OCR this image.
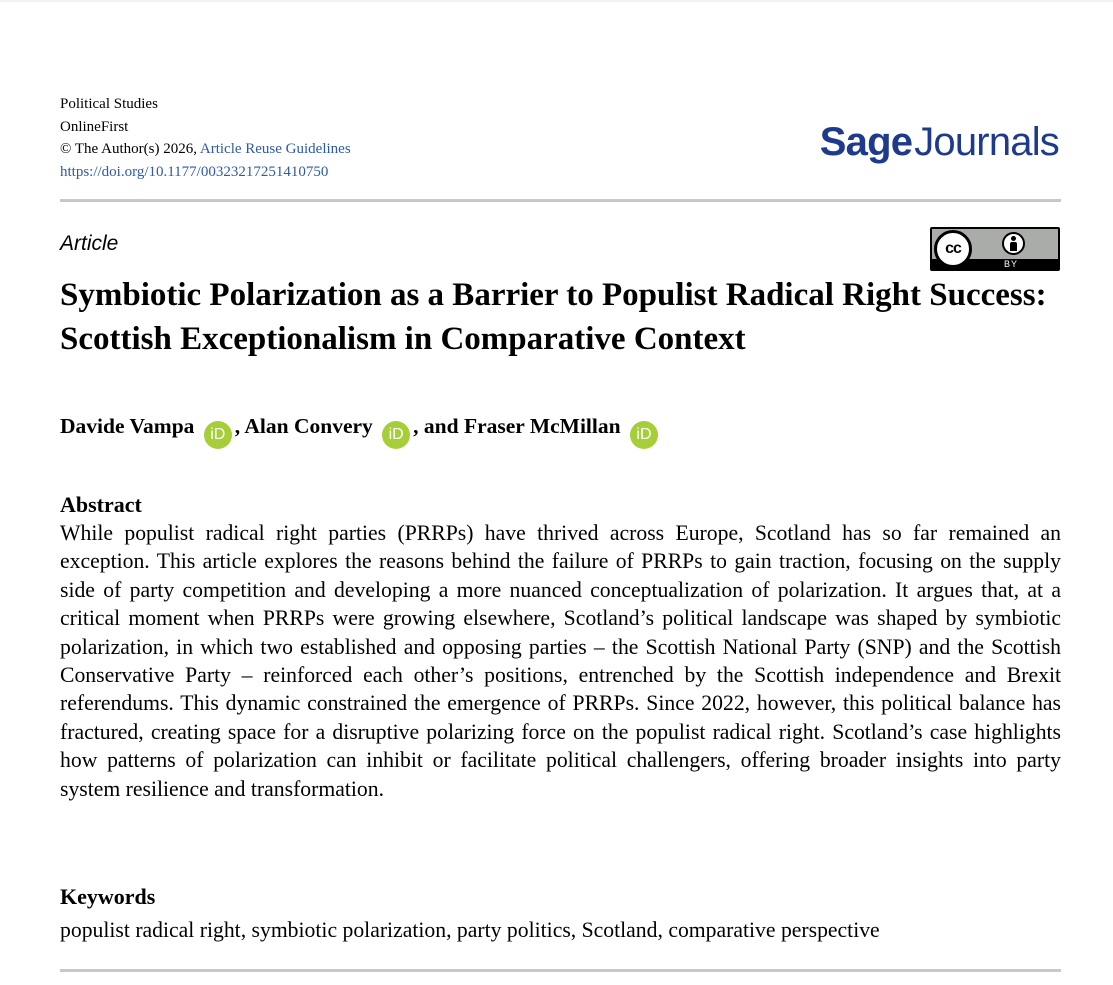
Political Studies
OnlineFirst
© The Author(s) 2026, Article Reuse Guidelines
https://doi.org/10.1177/00323217251410750
SageJournals
Article	cc
BY
Symbiotic Polarization as a Barrier to Populist Radical Right Success: Scottish Exceptionalism in Comparative Context
Davide Vampa iD , Alan Convery iD , and Fraser McMillan iD
Abstract

While populist radical right parties (PRRPs) have thrived across Europe, Scotland has so far remained an exception. This article explores the reasons behind the failure of PRRPs to gain traction, focusing on the supply side of party competition and developing a more nuanced conceptualization of polarization. It argues that, at a critical moment when PRRPs were growing elsewhere, Scotland’s political landscape was shaped by symbiotic polarization, in which two established and opposing parties – the Scottish National Party (SNP) and the Scottish Conservative Party – reinforced each other’s positions, entrenched by the Scottish independence and Brexit referendums. This dynamic constrained the emergence of PRRPs. Since 2022, however, this political balance has fractured, creating space for a disruptive polarizing force on the populist radical right. Scotland’s case highlights how patterns of polarization can inhibit or facilitate political challengers, offering broader insights into party system resilience and transformation.

Keywords

populist radical right, symbiotic polarization, party politics, Scotland, comparative perspective
